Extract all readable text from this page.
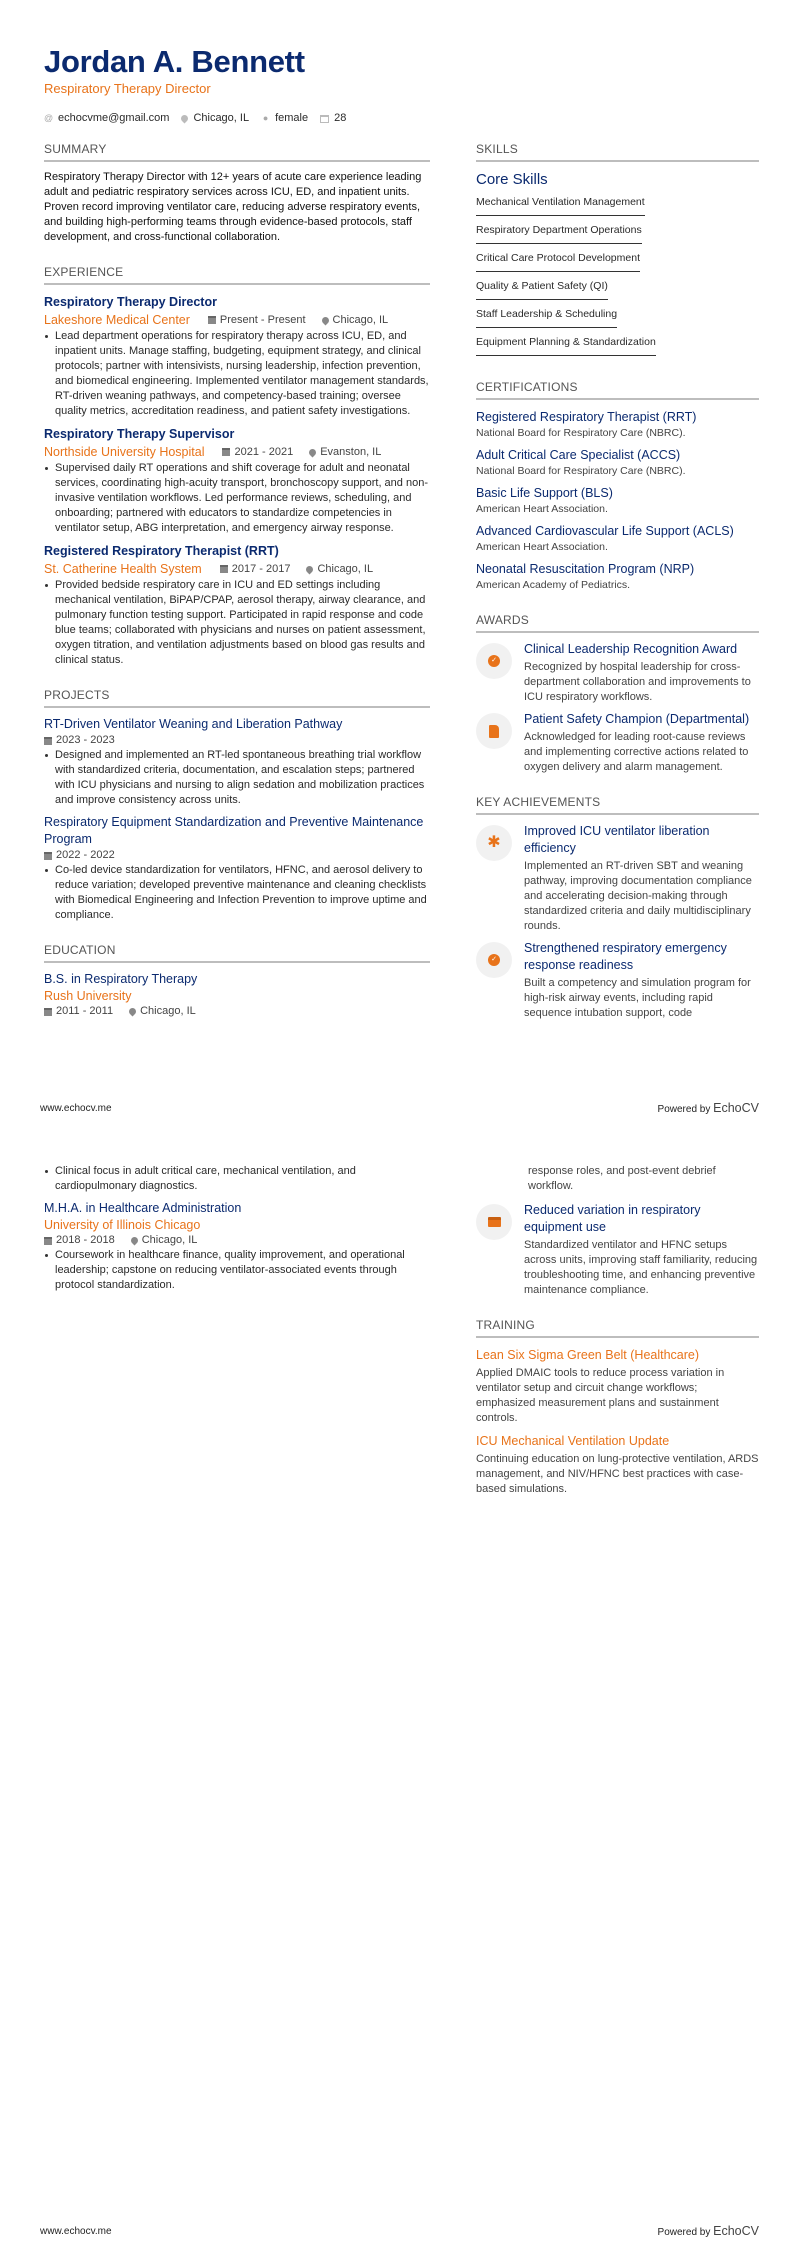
Jordan A. Bennett
Respiratory Therapy Director
@ echocvme@gmail.com Chicago, IL ● female 28
SUMMARY

Respiratory Therapy Director with 12+ years of acute care experience leading adult and pediatric respiratory services across ICU, ED, and inpatient units. Proven record improving ventilator care, reducing adverse respiratory events, and building high-performing teams through evidence-based protocols, staff development, and cross-functional collaboration.

EXPERIENCE
Respiratory Therapy Director
Lakeshore Medical Center	Present - Present Chicago, IL
Lead department operations for respiratory therapy across ICU, ED, and inpatient units. Manage staffing, budgeting, equipment strategy, and clinical protocols; partner with intensivists, nursing leadership, infection prevention, and biomedical engineering. Implemented ventilator management standards, RT-driven weaning pathways, and competency-based training; oversee quality metrics, accreditation readiness, and patient safety investigations.
Respiratory Therapy Supervisor
Northside University Hospital	2021 - 2021 Evanston, IL
Supervised daily RT operations and shift coverage for adult and neonatal services, coordinating high-acuity transport, bronchoscopy support, and non-invasive ventilation workflows. Led performance reviews, scheduling, and onboarding; partnered with educators to standardize competencies in ventilator setup, ABG interpretation, and emergency airway response.
Registered Respiratory Therapist (RRT)
St. Catherine Health System	2017 - 2017 Chicago, IL
Provided bedside respiratory care in ICU and ED settings including mechanical ventilation, BiPAP/CPAP, aerosol therapy, airway clearance, and pulmonary function testing support. Participated in rapid response and code blue teams; collaborated with physicians and nurses on patient assessment, oxygen titration, and ventilation adjustments based on blood gas results and clinical status.
PROJECTS
RT-Driven Ventilator Weaning and Liberation Pathway
2023 - 2023
Designed and implemented an RT-led spontaneous breathing trial workflow with standardized criteria, documentation, and escalation steps; partnered with ICU physicians and nursing to align sedation and mobilization practices and improve consistency across units.
Respiratory Equipment Standardization and Preventive Maintenance Program
2022 - 2022
Co-led device standardization for ventilators, HFNC, and aerosol delivery to reduce variation; developed preventive maintenance and cleaning checklists with Biomedical Engineering and Infection Prevention to improve uptime and compliance.
EDUCATION
B.S. in Respiratory Therapy
Rush University
2011 - 2011 Chicago, IL
SKILLS
Core Skills
Mechanical Ventilation Management
Respiratory Department Operations
Critical Care Protocol Development
Quality & Patient Safety (QI)
Staff Leadership & Scheduling
Equipment Planning & Standardization
CERTIFICATIONS
Registered Respiratory Therapist (RRT)
National Board for Respiratory Care (NBRC).
Adult Critical Care Specialist (ACCS)
National Board for Respiratory Care (NBRC).
Basic Life Support (BLS)
American Heart Association.
Advanced Cardiovascular Life Support (ACLS)
American Heart Association.
Neonatal Resuscitation Program (NRP)
American Academy of Pediatrics.
AWARDS
✓
Clinical Leadership Recognition Award
Recognized by hospital leadership for cross-department collaboration and improvements to ICU respiratory workflows.
Patient Safety Champion (Departmental)
Acknowledged for leading root-cause reviews and implementing corrective actions related to oxygen delivery and alarm management.
KEY ACHIEVEMENTS
✱
Improved ICU ventilator liberation efficiency
Implemented an RT-driven SBT and weaning pathway, improving documentation compliance and accelerating decision-making through standardized criteria and daily multidisciplinary rounds.
✓
Strengthened respiratory emergency response readiness
Built a competency and simulation program for high-risk airway events, including rapid sequence intubation support, code
www.echocv.me	Powered by EchoCV
Clinical focus in adult critical care, mechanical ventilation, and cardiopulmonary diagnostics.
M.H.A. in Healthcare Administration
University of Illinois Chicago
2018 - 2018 Chicago, IL
Coursework in healthcare finance, quality improvement, and operational leadership; capstone on reducing ventilator-associated events through protocol standardization.
response roles, and post-event debrief workflow.
Reduced variation in respiratory equipment use
Standardized ventilator and HFNC setups across units, improving staff familiarity, reducing troubleshooting time, and enhancing preventive maintenance compliance.
TRAINING
Lean Six Sigma Green Belt (Healthcare)
Applied DMAIC tools to reduce process variation in ventilator setup and circuit change workflows; emphasized measurement plans and sustainment controls.
ICU Mechanical Ventilation Update
Continuing education on lung-protective ventilation, ARDS management, and NIV/HFNC best practices with case-based simulations.
www.echocv.me	Powered by EchoCV
